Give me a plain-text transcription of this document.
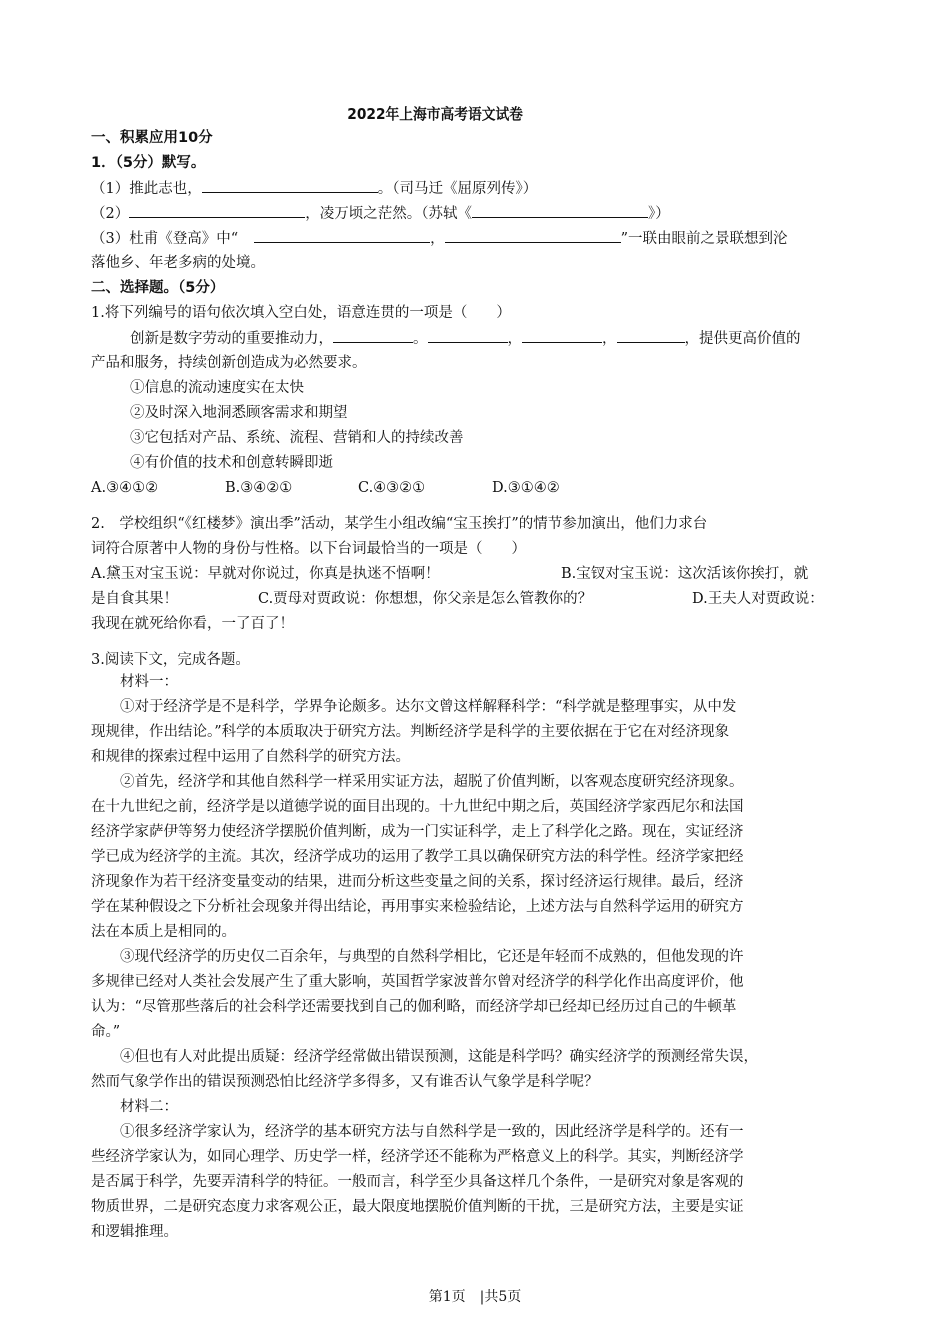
2022年上海市高考语文试卷
一、积累应用10分
1．（5分）默写。
（1）推此志也，	。（司马迁《屈原列传》）
（2）	，凌万顷之茫然。（苏轼《	》）
（3）杜甫《登高》中“	，	”一联由眼前之景联想到沦
落他乡、年老多病的处境。
二、选择题。（5分）
1.将下列编号的语句依次填入空白处，语意连贯的一项是（　　）
创新是数字劳动的重要推动力，	。	，	，	，提供更高价值的
产品和服务，持续创新创造成为必然要求。
①信息的流动速度实在太快
②及时深入地洞悉顾客需求和期望
③它包括对产品、系统、流程、营销和人的持续改善
④有价值的技术和创意转瞬即逝
A.③④①②	B.③④②①	C.④③②①	D.③①④②
2.　学校组织“《红楼梦》演出季”活动，某学生小组改编“宝玉挨打”的情节参加演出，他们力求台
词符合原著中人物的身份与性格。以下台词最恰当的一项是（　　）
A.黛玉对宝玉说：早就对你说过，你真是执迷不悟啊！	B.宝钗对宝玉说：这次活该你挨打，就
是自食其果！	C.贾母对贾政说：你想想，你父亲是怎么管教你的？	D.王夫人对贾政说：
我现在就死给你看，一了百了！
3.阅读下文，完成各题。
材料一：
①对于经济学是不是科学，学界争论颇多。达尔文曾这样解释科学：“科学就是整理事实，从中发
现规律，作出结论。”科学的本质取决于研究方法。判断经济学是科学的主要依据在于它在对经济现象
和规律的探索过程中运用了自然科学的研究方法。
②首先，经济学和其他自然科学一样采用实证方法，超脱了价值判断，以客观态度研究经济现象。
在十九世纪之前，经济学是以道德学说的面目出现的。十九世纪中期之后，英国经济学家西尼尔和法国
经济学家萨伊等努力使经济学摆脱价值判断，成为一门实证科学，走上了科学化之路。现在，实证经济
学已成为经济学的主流。其次，经济学成功的运用了教学工具以确保研究方法的科学性。经济学家把经
济现象作为若干经济变量变动的结果，进而分析这些变量之间的关系，探讨经济运行规律。最后，经济
学在某种假设之下分析社会现象并得出结论，再用事实来检验结论，上述方法与自然科学运用的研究方
法在本质上是相同的。
③现代经济学的历史仅二百余年，与典型的自然科学相比，它还是年轻而不成熟的，但他发现的许
多规律已经对人类社会发展产生了重大影响，英国哲学家波普尔曾对经济学的科学化作出高度评价，他
认为：“尽管那些落后的社会科学还需要找到自己的伽利略，而经济学却已经却已经历过自己的牛顿革
命。”
④但也有人对此提出质疑：经济学经常做出错误预测，这能是科学吗？确实经济学的预测经常失误，
然而气象学作出的错误预测恐怕比经济学多得多，又有谁否认气象学是科学呢？
材料二：
①很多经济学家认为，经济学的基本研究方法与自然科学是一致的，因此经济学是科学的。还有一
些经济学家认为，如同心理学、历史学一样，经济学还不能称为严格意义上的科学。其实，判断经济学
是否属于科学，先要弄清科学的特征。一般而言，科学至少具备这样几个条件，一是研究对象是客观的
物质世界，二是研究态度力求客观公正，最大限度地摆脱价值判断的干扰，三是研究方法，主要是实证
和逻辑推理。
第1页　|共5页
